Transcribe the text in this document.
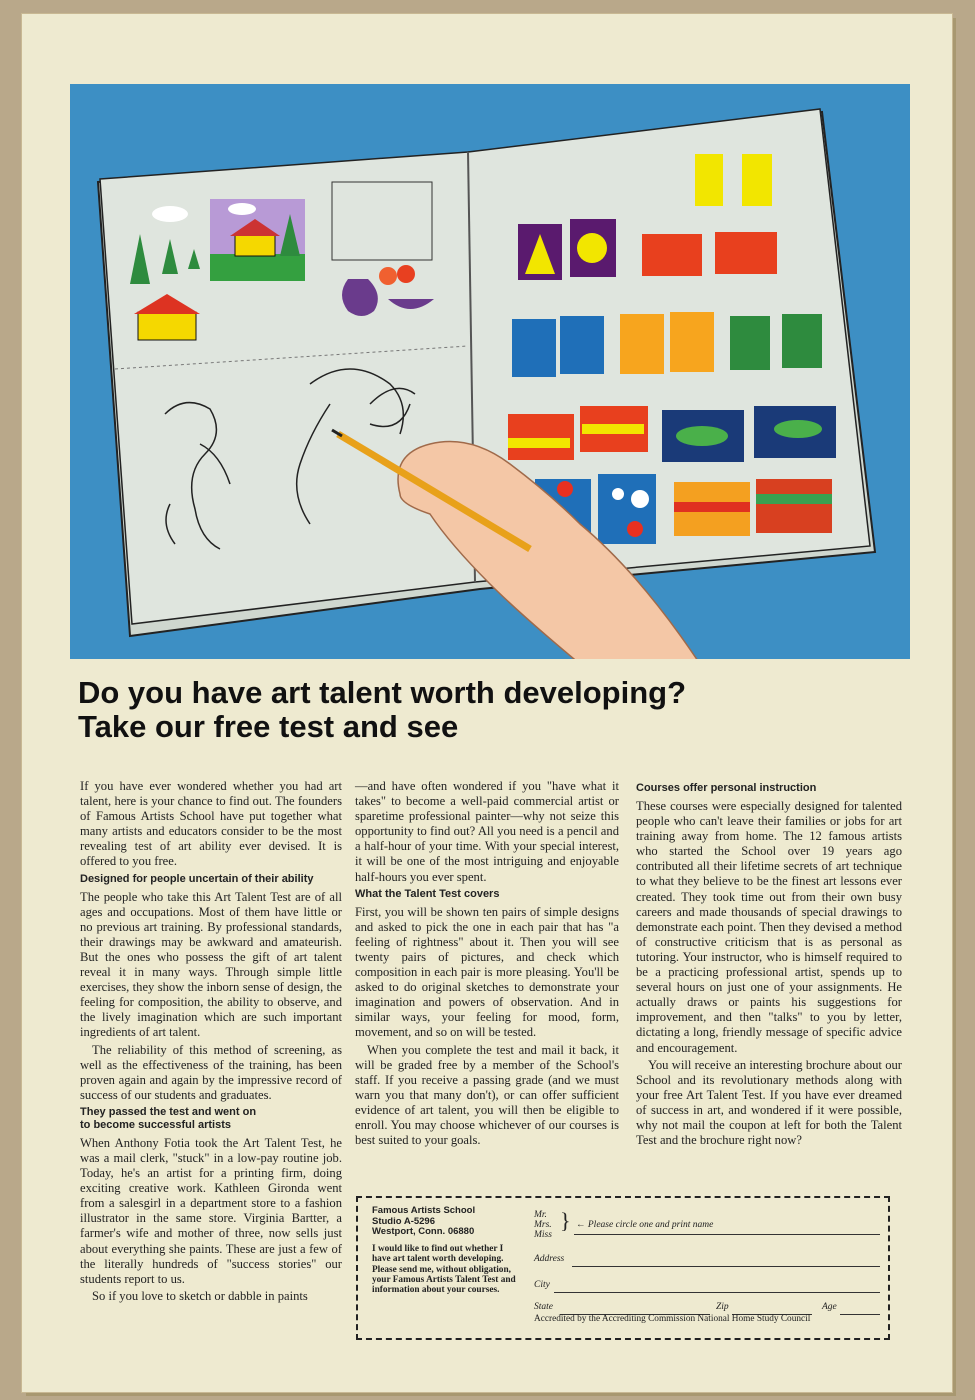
Do you have art talent worth developing?
Take our free test and see

If you have ever wondered whether you had art talent, here is your chance to find out. The founders of Famous Artists School have put together what many artists and educators consider to be the most revealing test of art ability ever devised. It is offered to you free.

Designed for people uncertain of their ability

The people who take this Art Talent Test are of all ages and occupations. Most of them have little or no previous art training. By professional standards, their drawings may be awkward and amateurish. But the ones who possess the gift of art talent reveal it in many ways. Through simple little exercises, they show the inborn sense of design, the feeling for composition, the ability to observe, and the lively imagination which are such important ingredients of art talent.

The reliability of this method of screening, as well as the effectiveness of the training, has been proven again and again by the impressive record of success of our students and graduates.

They passed the test and went on
to become successful artists

When Anthony Fotia took the Art Talent Test, he was a mail clerk, "stuck" in a low-pay routine job. Today, he's an artist for a printing firm, doing exciting creative work. Kathleen Gironda went from a salesgirl in a department store to a fashion illustrator in the same store. Virginia Bartter, a farmer's wife and mother of three, now sells just about everything she paints. These are just a few of the literally hundreds of "success stories" our students report to us.

So if you love to sketch or dabble in paints

—and have often wondered if you "have what it takes" to become a well-paid commercial artist or sparetime professional painter—why not seize this opportunity to find out? All you need is a pencil and a half-hour of your time. With your special interest, it will be one of the most intriguing and enjoyable half-hours you ever spent.

What the Talent Test covers

First, you will be shown ten pairs of simple designs and asked to pick the one in each pair that has "a feeling of rightness" about it. Then you will see twenty pairs of pictures, and check which composition in each pair is more pleasing. You'll be asked to do original sketches to demonstrate your imagination and powers of observation. And in similar ways, your feeling for mood, form, movement, and so on will be tested.

When you complete the test and mail it back, it will be graded free by a member of the School's staff. If you receive a passing grade (and we must warn you that many don't), or can offer sufficient evidence of art talent, you will then be eligible to enroll. You may choose whichever of our courses is best suited to your goals.

Courses offer personal instruction

These courses were especially designed for talented people who can't leave their families or jobs for art training away from home. The 12 famous artists who started the School over 19 years ago contributed all their lifetime secrets of art technique to what they believe to be the finest art lessons ever created. They took time out from their own busy careers and made thousands of special drawings to demonstrate each point. Then they devised a method of constructive criticism that is as personal as tutoring. Your instructor, who is himself required to be a practicing professional artist, spends up to several hours on just one of your assignments. He actually draws or paints his suggestions for improvement, and then "talks" to you by letter, dictating a long, friendly message of specific advice and encouragement.

You will receive an interesting brochure about our School and its revolutionary methods along with your free Art Talent Test. If you have ever dreamed of success in art, and wondered if it were possible, why not mail the coupon at left for both the Talent Test and the brochure right now?

Famous Artists School
Studio A-5296
Westport, Conn. 06880
I would like to find out whether I have art talent worth developing. Please send me, without obligation, your Famous Artists Talent Test and information about your courses.
Mr.
Mrs.
Miss
} ← Please circle one and print name
Address
City
State	Zip	Age
Accredited by the Accrediting Commission National Home Study Council
